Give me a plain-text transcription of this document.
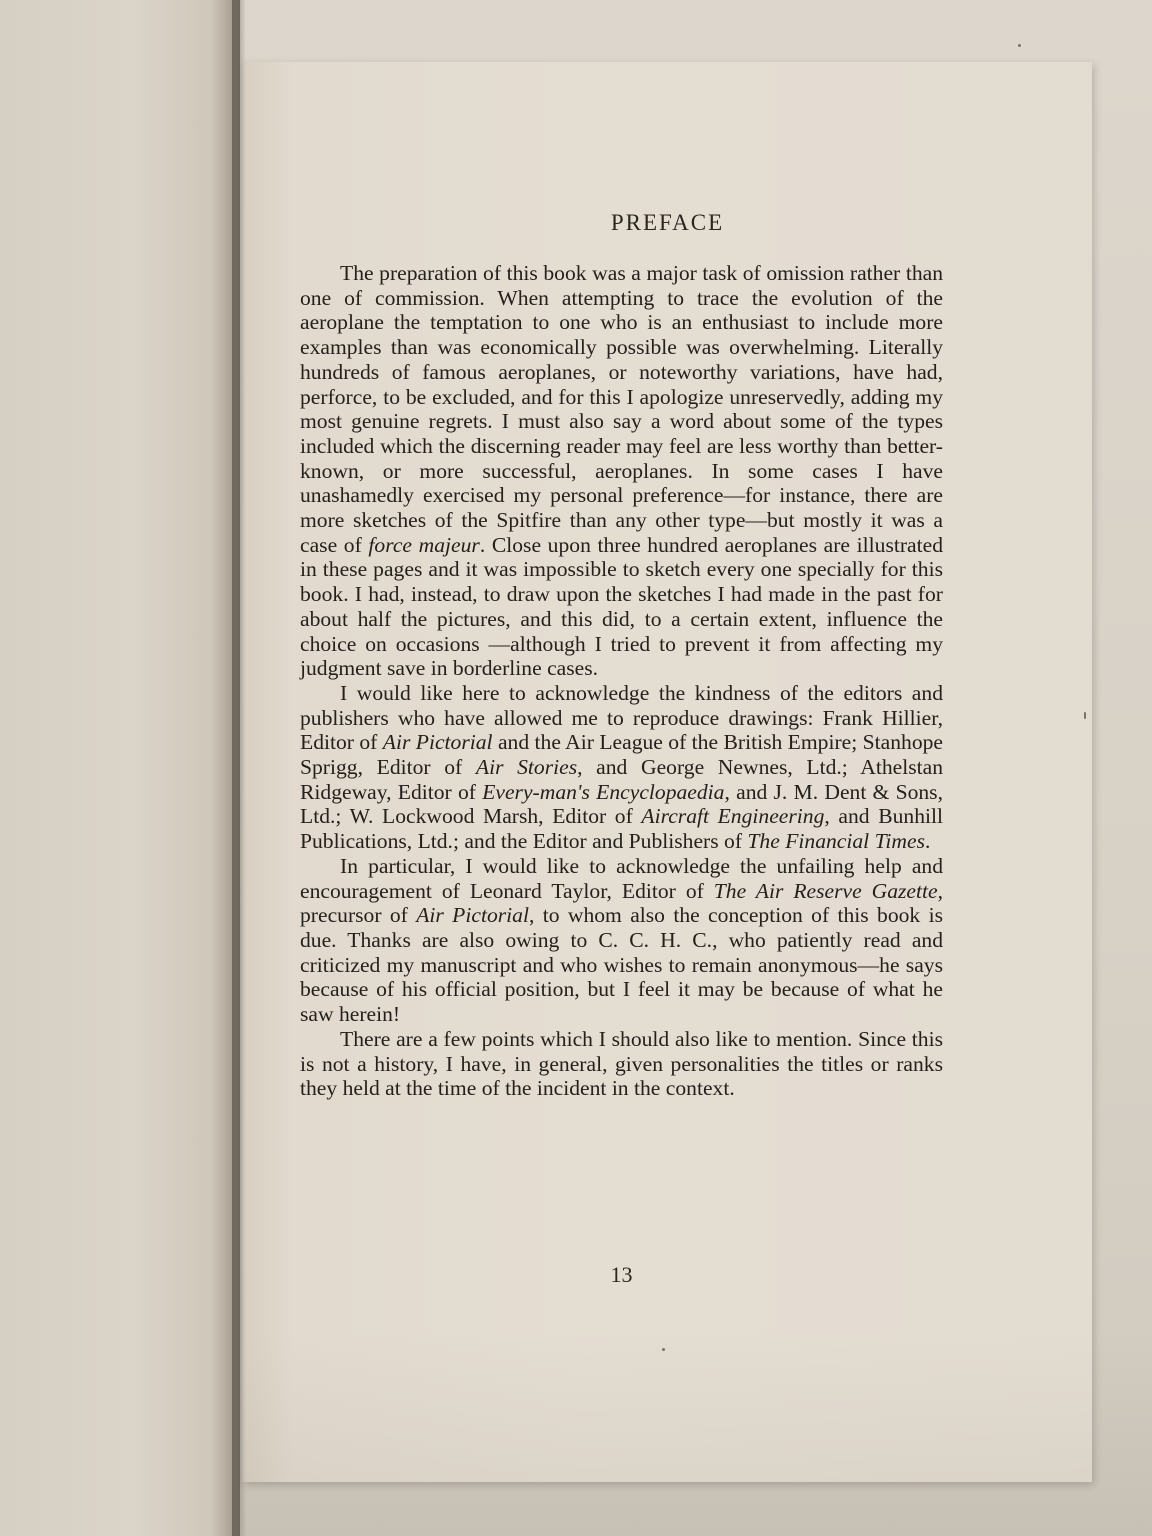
PREFACE

The preparation of this book was a major task of omission rather than one of commission. When attempting to trace the evolution of the aeroplane the temptation to one who is an enthusiast to include more examples than was economically possible was overwhelming. Literally hundreds of famous aeroplanes, or noteworthy variations, have had, perforce, to be excluded, and for this I apologize unreservedly, adding my most genuine regrets. I must also say a word about some of the types included which the discerning reader may feel are less worthy than better-known, or more successful, aeroplanes. In some cases I have unashamedly exercised my personal preference—for instance, there are more sketches of the Spitfire than any other type—but mostly it was a case of force majeur. Close upon three hundred aeroplanes are illustrated in these pages and it was impossible to sketch every one specially for this book. I had, instead, to draw upon the sketches I had made in the past for about half the pictures, and this did, to a certain extent, influence the choice on occasions —although I tried to prevent it from affecting my judgment save in borderline cases.

I would like here to acknowledge the kindness of the editors and publishers who have allowed me to reproduce drawings: Frank Hillier, Editor of Air Pictorial and the Air League of the British Empire; Stanhope Sprigg, Editor of Air Stories, and George Newnes, Ltd.; Athelstan Ridgeway, Editor of Every-man's Encyclopaedia, and J. M. Dent & Sons, Ltd.; W. Lockwood Marsh, Editor of Aircraft Engineering, and Bunhill Publications, Ltd.; and the Editor and Publishers of The Financial Times.

In particular, I would like to acknowledge the unfailing help and encouragement of Leonard Taylor, Editor of The Air Reserve Gazette, precursor of Air Pictorial, to whom also the conception of this book is due. Thanks are also owing to C. C. H. C., who patiently read and criticized my manuscript and who wishes to remain anonymous—he says because of his official position, but I feel it may be because of what he saw herein!

There are a few points which I should also like to mention. Since this is not a history, I have, in general, given personalities the titles or ranks they held at the time of the incident in the context.

13
